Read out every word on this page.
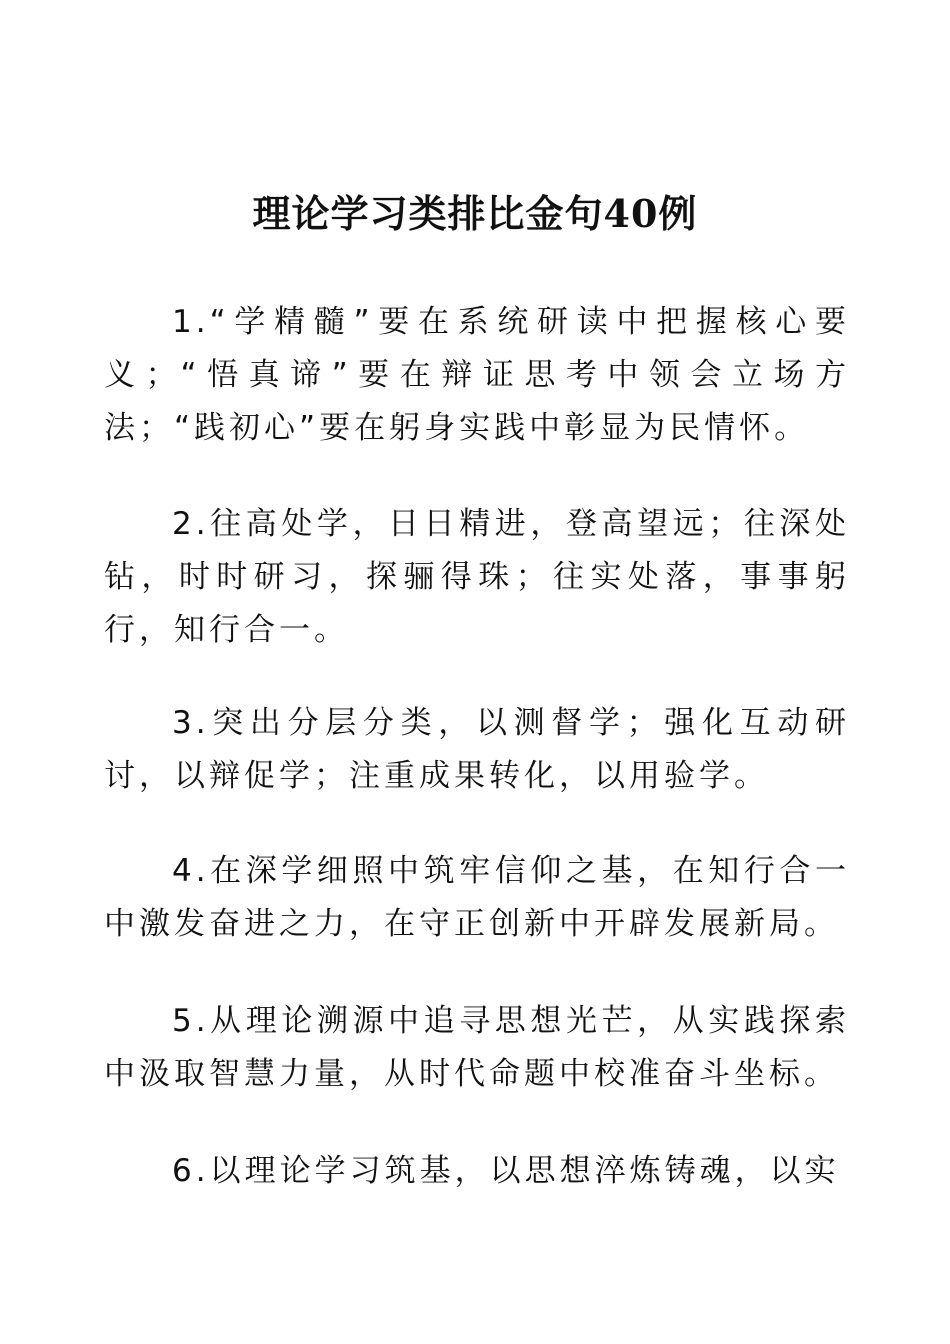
理论学习类排比金句40例

1.“学精髓”要在系统研读中把握核心要义；“悟真谛”要在辩证思考中领会立场方法；“践初心”要在躬身实践中彰显为民情怀。

2.往高处学，日日精进，登高望远；往深处钻，时时研习，探骊得珠；往实处落，事事躬行，知行合一。

3.突出分层分类，以测督学；强化互动研讨，以辩促学；注重成果转化，以用验学。

4.在深学细照中筑牢信仰之基，在知行合一中激发奋进之力，在守正创新中开辟发展新局。

5.从理论溯源中追寻思想光芒，从实践探索中汲取智慧力量，从时代命题中校准奋斗坐标。

6.以理论学习筑基，以思想淬炼铸魂，以实
